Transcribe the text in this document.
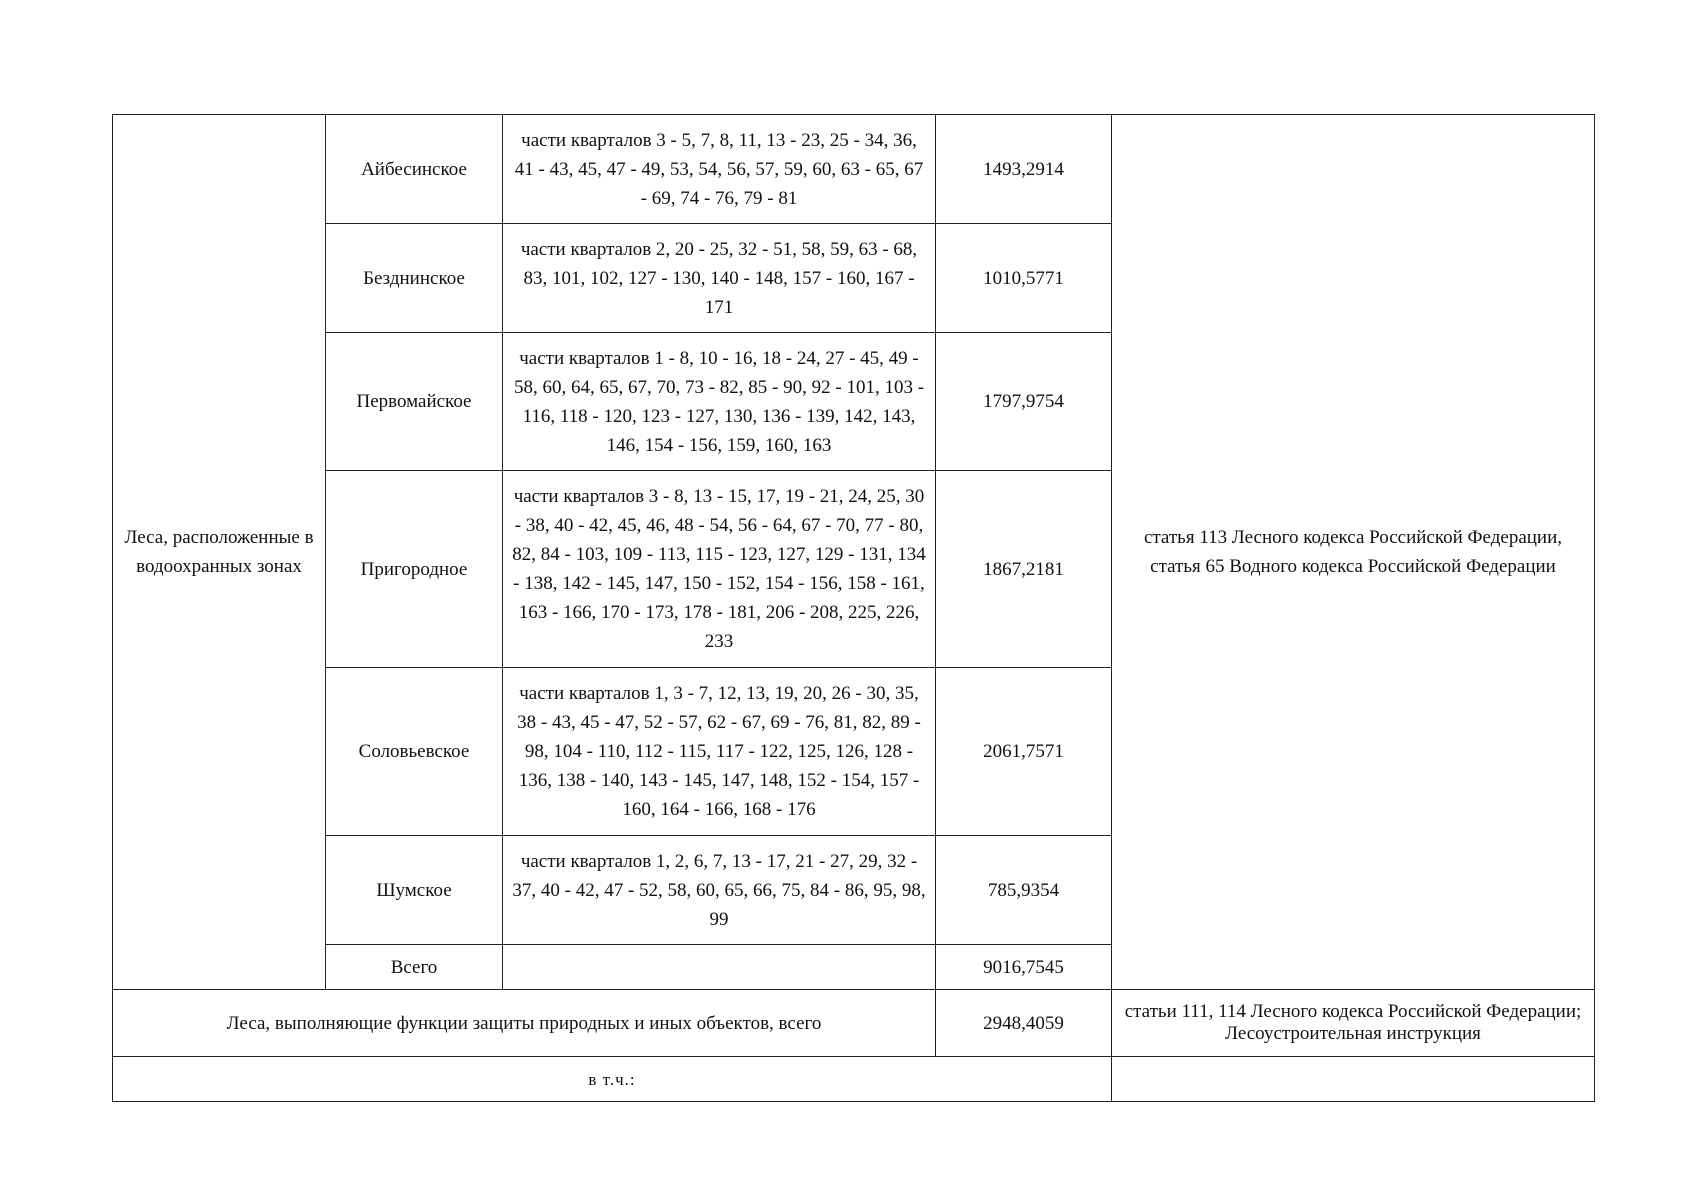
Леса, расположенные в водоохранных зонах	Айбесинское	части кварталов 3 - 5, 7, 8, 11, 13 - 23, 25 - 34, 36, 41 - 43, 45, 47 - 49, 53, 54, 56, 57, 59, 60, 63 - 65, 67 - 69, 74 - 76, 79 - 81	1493,2914	статья 113 Лесного кодекса Российской Федерации, статья 65 Водного кодекса Российской Федерации
	Безднинское	части кварталов 2, 20 - 25, 32 - 51, 58, 59, 63 - 68, 83, 101, 102, 127 - 130, 140 - 148, 157 - 160, 167 - 171	1010,5771	
	Первомайское	части кварталов 1 - 8, 10 - 16, 18 - 24, 27 - 45, 49 - 58, 60, 64, 65, 67, 70, 73 - 82, 85 - 90, 92 - 101, 103 - 116, 118 - 120, 123 - 127, 130, 136 - 139, 142, 143, 146, 154 - 156, 159, 160, 163	1797,9754	
	Пригородное	части кварталов 3 - 8, 13 - 15, 17, 19 - 21, 24, 25, 30 - 38, 40 - 42, 45, 46, 48 - 54, 56 - 64, 67 - 70, 77 - 80, 82, 84 - 103, 109 - 113, 115 - 123, 127, 129 - 131, 134 - 138, 142 - 145, 147, 150 - 152, 154 - 156, 158 - 161, 163 - 166, 170 - 173, 178 - 181, 206 - 208, 225, 226, 233	1867,2181	
	Соловьевское	части кварталов 1, 3 - 7, 12, 13, 19, 20, 26 - 30, 35, 38 - 43, 45 - 47, 52 - 57, 62 - 67, 69 - 76, 81, 82, 89 - 98, 104 - 110, 112 - 115, 117 - 122, 125, 126, 128 - 136, 138 - 140, 143 - 145, 147, 148, 152 - 154, 157 - 160, 164 - 166, 168 - 176	2061,7571	
	Шумское	части кварталов 1, 2, 6, 7, 13 - 17, 21 - 27, 29, 32 - 37, 40 - 42, 47 - 52, 58, 60, 65, 66, 75, 84 - 86, 95, 98, 99	785,9354	
	Всего		9016,7545	
Леса, выполняющие функции защиты природных и иных объектов, всего			2948,4059	статьи 111, 114 Лесного кодекса Российской Федерации; Лесоустроительная инструкция
в т.ч.:				
